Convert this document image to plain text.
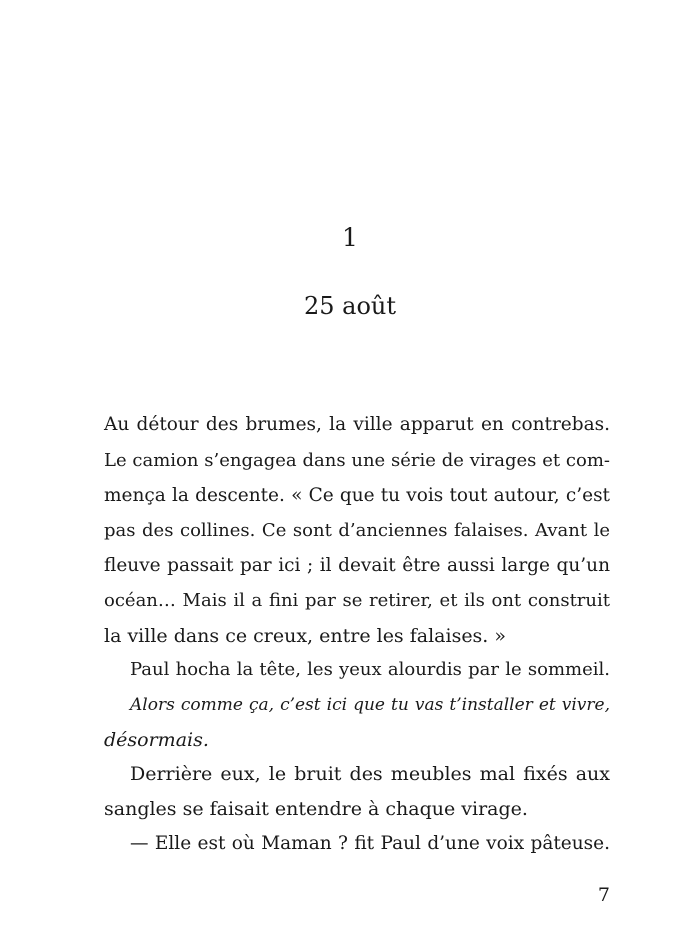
1
25 août
Au détour des brumes, la ville apparut en contrebas.
Le camion s’engagea dans une série de virages et com-
mença la descente. « Ce que tu vois tout autour, c’est
pas des collines. Ce sont d’anciennes falaises. Avant le
fleuve passait par ici ; il devait être aussi large qu’un
océan… Mais il a fini par se retirer, et ils ont construit
la ville dans ce creux, entre les falaises. »
Paul hocha la tête, les yeux alourdis par le sommeil.
Alors comme ça, c’est ici que tu vas t’installer et vivre,
désormais.
Derrière eux, le bruit des meubles mal fixés aux
sangles se faisait entendre à chaque virage.
— Elle est où Maman ? fit Paul d’une voix pâteuse.
7
